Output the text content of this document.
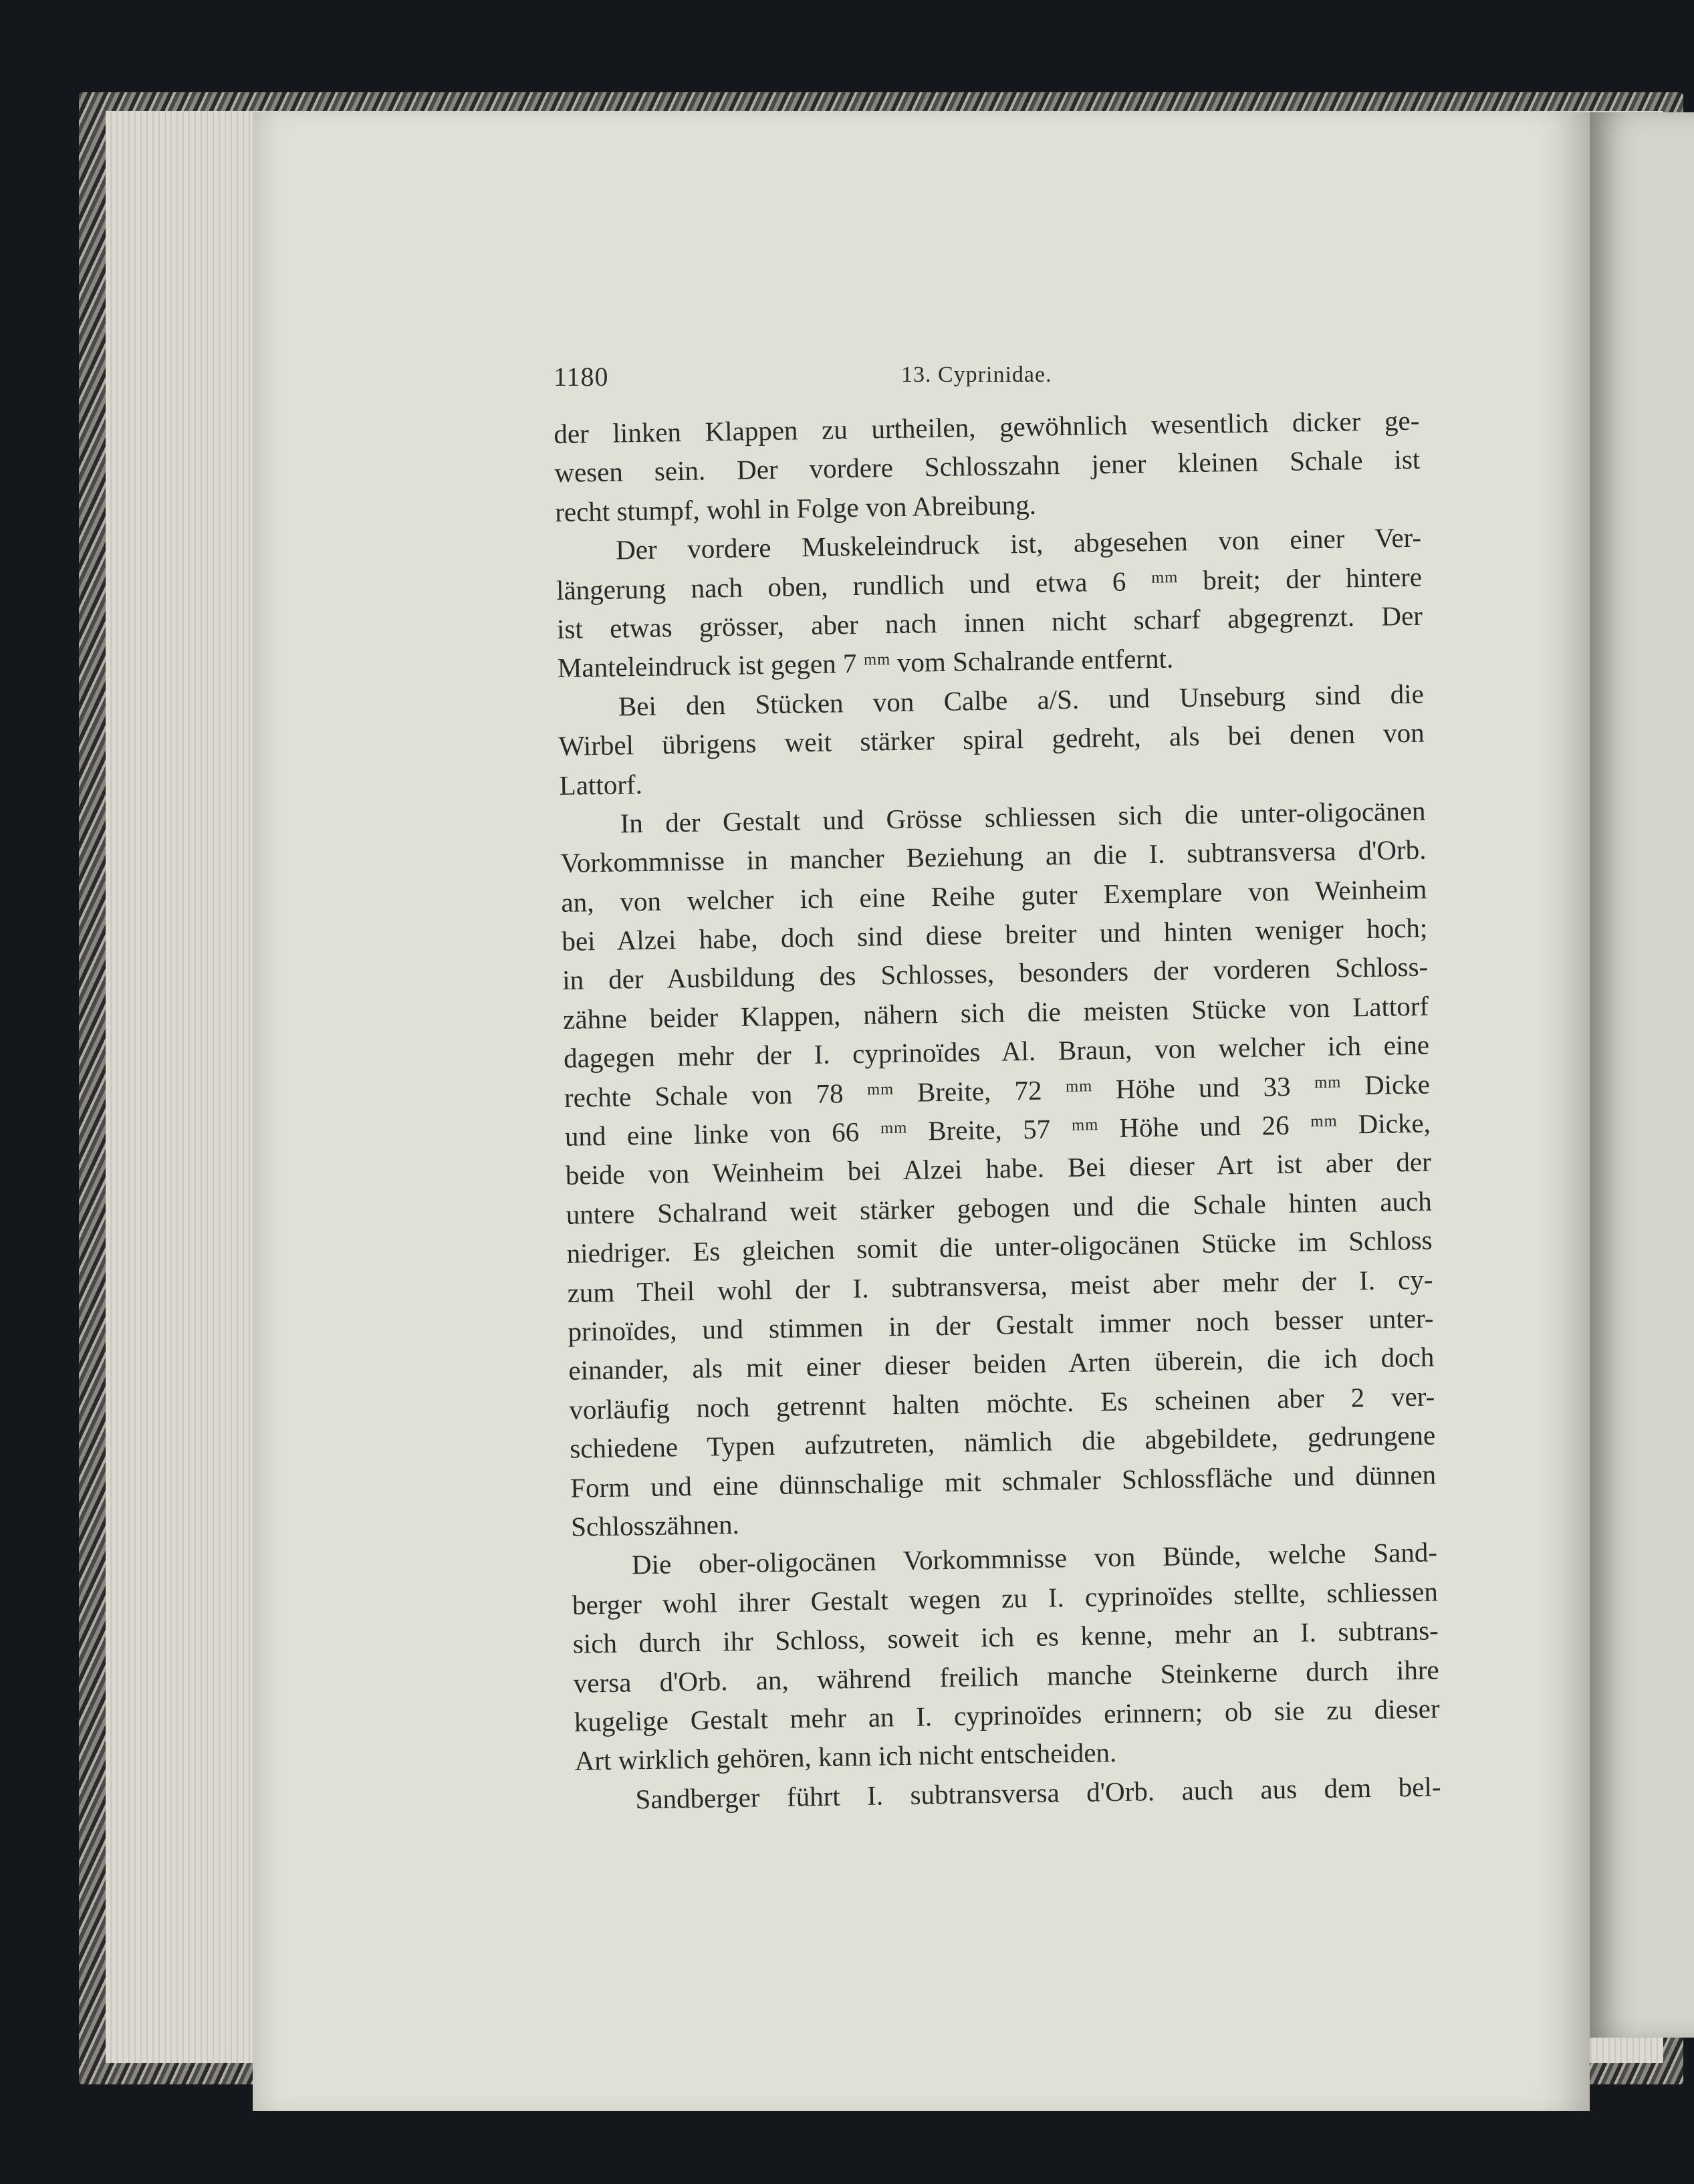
1180	13. Cyprinidae.
der linken Klappen zu urtheilen, gewöhnlich wesentlich dicker ge-
wesen sein. Der vordere Schlosszahn jener kleinen Schale ist
recht stumpf, wohl in Folge von Abreibung.
Der vordere Muskeleindruck ist, abgesehen von einer Ver-
längerung nach oben, rundlich und etwa 6 ᵐᵐ breit; der hintere
ist etwas grösser, aber nach innen nicht scharf abgegrenzt. Der
Manteleindruck ist gegen 7 ᵐᵐ vom Schalrande entfernt.
Bei den Stücken von Calbe a/S. und Unseburg sind die
Wirbel übrigens weit stärker spiral gedreht, als bei denen von
Lattorf.
In der Gestalt und Grösse schliessen sich die unter-oligocänen
Vorkommnisse in mancher Beziehung an die I. subtransversa d'Orb.
an, von welcher ich eine Reihe guter Exemplare von Weinheim
bei Alzei habe, doch sind diese breiter und hinten weniger hoch;
in der Ausbildung des Schlosses, besonders der vorderen Schloss-
zähne beider Klappen, nähern sich die meisten Stücke von Lattorf
dagegen mehr der I. cyprinoïdes Al. Braun, von welcher ich eine
rechte Schale von 78 ᵐᵐ Breite, 72 ᵐᵐ Höhe und 33 ᵐᵐ Dicke
und eine linke von 66 ᵐᵐ Breite, 57 ᵐᵐ Höhe und 26 ᵐᵐ Dicke,
beide von Weinheim bei Alzei habe. Bei dieser Art ist aber der
untere Schalrand weit stärker gebogen und die Schale hinten auch
niedriger. Es gleichen somit die unter-oligocänen Stücke im Schloss
zum Theil wohl der I. subtransversa, meist aber mehr der I. cy-
prinoïdes, und stimmen in der Gestalt immer noch besser unter-
einander, als mit einer dieser beiden Arten überein, die ich doch
vorläufig noch getrennt halten möchte. Es scheinen aber 2 ver-
schiedene Typen aufzutreten, nämlich die abgebildete, gedrungene
Form und eine dünnschalige mit schmaler Schlossfläche und dünnen
Schlosszähnen.
Die ober-oligocänen Vorkommnisse von Bünde, welche Sand-
berger wohl ihrer Gestalt wegen zu I. cyprinoïdes stellte, schliessen
sich durch ihr Schloss, soweit ich es kenne, mehr an I. subtrans-
versa d'Orb. an, während freilich manche Steinkerne durch ihre
kugelige Gestalt mehr an I. cyprinoïdes erinnern; ob sie zu dieser
Art wirklich gehören, kann ich nicht entscheiden.
Sandberger führt I. subtransversa d'Orb. auch aus dem bel-
